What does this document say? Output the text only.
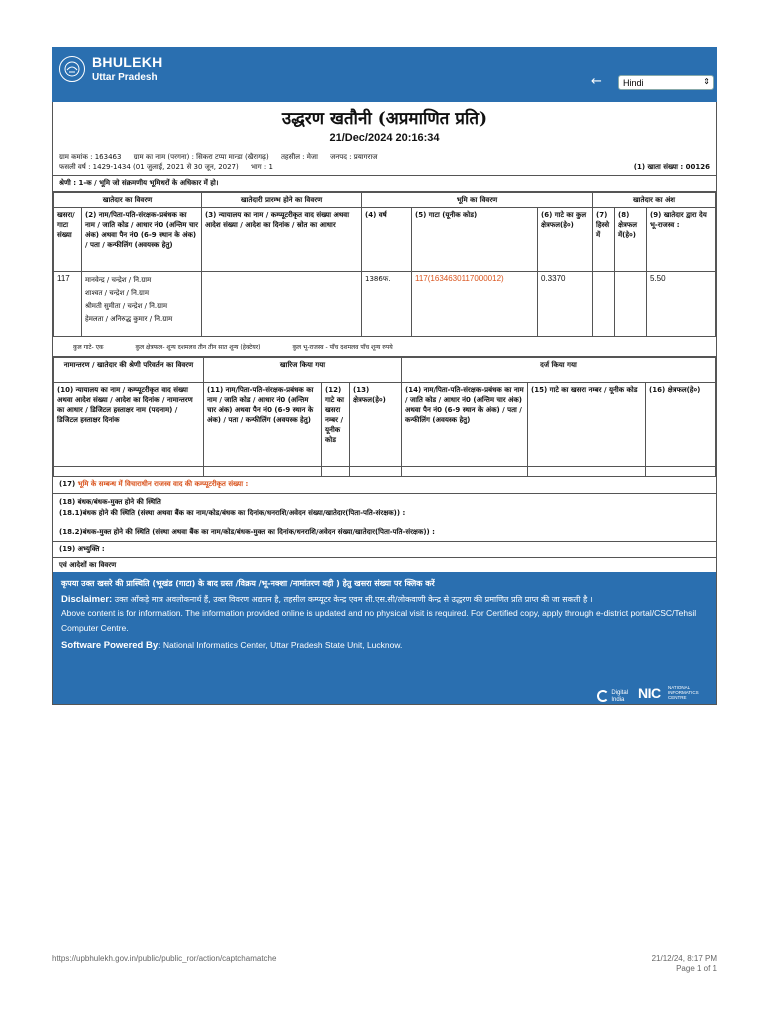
BHULEKH
Uttar Pradesh	←	Hindi	⇕
उद्धरण खतौनी (अप्रमाणित प्रति)
21/Dec/2024 20:16:34
ग्राम कमांक : 163463 ग्राम का नाम (परगना) : सिकरा टप्पा मान्डा (खैरागढ़) तहसील : मेजा जनपद : प्रयागराज
फसली वर्ष : 1429-1434 (01 जुलाई, 2021 से 30 जून, 2027) भाग : 1	(1) खाता संख्या : 00126
श्रेणी : 1-क / भूमि जो संक्रमणीय भूमिधरों के अधिकार में हो।
खातेदार का विवरण		खातेदारी प्रारम्भ होने का विवरण	भूमि का विवरण			खातेदार का अंश		
खसरा/ गाटा संख्या	(2) नाम/पिता-पति-संरक्षक-प्रबंधक का नाम / जाति कोड / आधार नं0 (अन्तिम चार अंक) अथवा पैन नं0 (6-9 स्थान के अंक) / पता / कन्फीलिंग (अवयस्क हेतु)	(3) न्यायालय का नाम / कम्प्यूटरीकृत वाद संख्या अथवा आदेश संख्या / आदेश का दिनांक / स्रोत का आधार	(4) वर्ष	(5) गाटा (यूनीक कोड)	(6) गाटे का कुल क्षेत्रफल(हे०)	(7) हिस्से में	(8) क्षेत्रफल में(हे०)	(9) खातेदार द्वारा देय भू-राजस्व :
117	मानवेन्द्र / चन्द्रेश / नि.ग्राम
शाश्वत / चन्द्रेश / नि.ग्राम
श्रीमती सुमीता / चन्द्रेश / नि.ग्राम
हेमलता / अनिरुद्ध कुमार / नि.ग्राम		1386फ.	117(1634630117000012)	0.3370			5.50
कुल गाटे- एक	कुल क्षेत्रफल- शून्य दशमलव तीन तीन सात शून्य (हेक्टेयर)	कुल भू-राजस्व - पाँच दशमलव पाँच शून्य रुपये
नामान्तरण / खातेदार की श्रेणी परिवर्तन का विवरण	खारिज किया गया			दर्ज किया गया		
(10) न्यायालय का नाम / कम्प्यूटरीकृत वाद संख्या अथवा आदेश संख्या / आदेश का दिनांक / नामान्तरण का आधार / डिजिटल हस्ताक्षर नाम (पदनाम) / डिजिटल हस्ताक्षर दिनांक	(11) नाम/पिता-पति-संरक्षक-प्रबंधक का नाम / जाति कोड / आधार नं0 (अन्तिम चार अंक) अथवा पैन नं0 (6-9 स्थान के अंक) / पता / कन्फीलिंग (अवयस्क हेतु)	(12) गाटे का खसरा नम्बर / यूनीक कोड	(13) क्षेत्रफल(हे०)	(14) नाम/पिता-पति-संरक्षक-प्रबंधक का नाम / जाति कोड / आधार नं0 (अन्तिम चार अंक) अथवा पैन नं0 (6-9 स्थान के अंक) / पता / कन्फीलिंग (अवयस्क हेतु)	(15) गाटे का खसरा नम्बर / यूनीक कोड	(16) क्षेत्रफल(हे०)

(17) भूमि के सम्बन्ध में विचाराधीन राजस्व वाद की कम्प्यूटरीकृत संख्या :
(18) बंधक/बंधक-मुक्त होने की स्थिति
(18.1)बंधक होने की स्थिति (संस्था अथवा बैंक का नाम/कोड/बंधक का दिनांक/धनराशि/अवेदन संख्या/खातेदार(पिता-पति-संरक्षक)) :
(18.2)बंधक-मुक्त होने की स्थिति (संस्था अथवा बैंक का नाम/कोड/बंधक-मुक्त का दिनांक/धनराशि/अवेदन संख्या/खातेदार(पिता-पति-संरक्षक)) :
(19) अभ्युक्ति :
एवं आदेशों का विवरण
कृपया उक्त खसरे की प्रास्थिति (भूखंड (गाटा) के बाद ग्रस्त /विक्रय /भू-नक्शा /नामांतरण वही ) हेतु खसरा संख्या पर क्लिक करें
Disclaimer: उक्त आँकड़े मात्र अवलोकनार्थ हैं, उक्त विवरण अद्यतन है, तहसील कम्प्यूटर केन्द्र एवम सी.एस.सी/लोकवाणी केन्द्र से उद्धरण की प्रमाणित प्रति प्राप्त की जा सकती है ।
Above content is for information. The information provided online is updated and no physical visit is required. For Certified copy, apply through e-district portal/CSC/Tehsil Computer Centre.
Software Powered By: National Informatics Center, Uttar Pradesh State Unit, Lucknow.
Digital
India NIC NATIONAL
INFORMATICS
CENTRE
https://upbhulekh.gov.in/public/public_ror/action/captchamatche	21/12/24, 8:17 PM
Page 1 of 1
